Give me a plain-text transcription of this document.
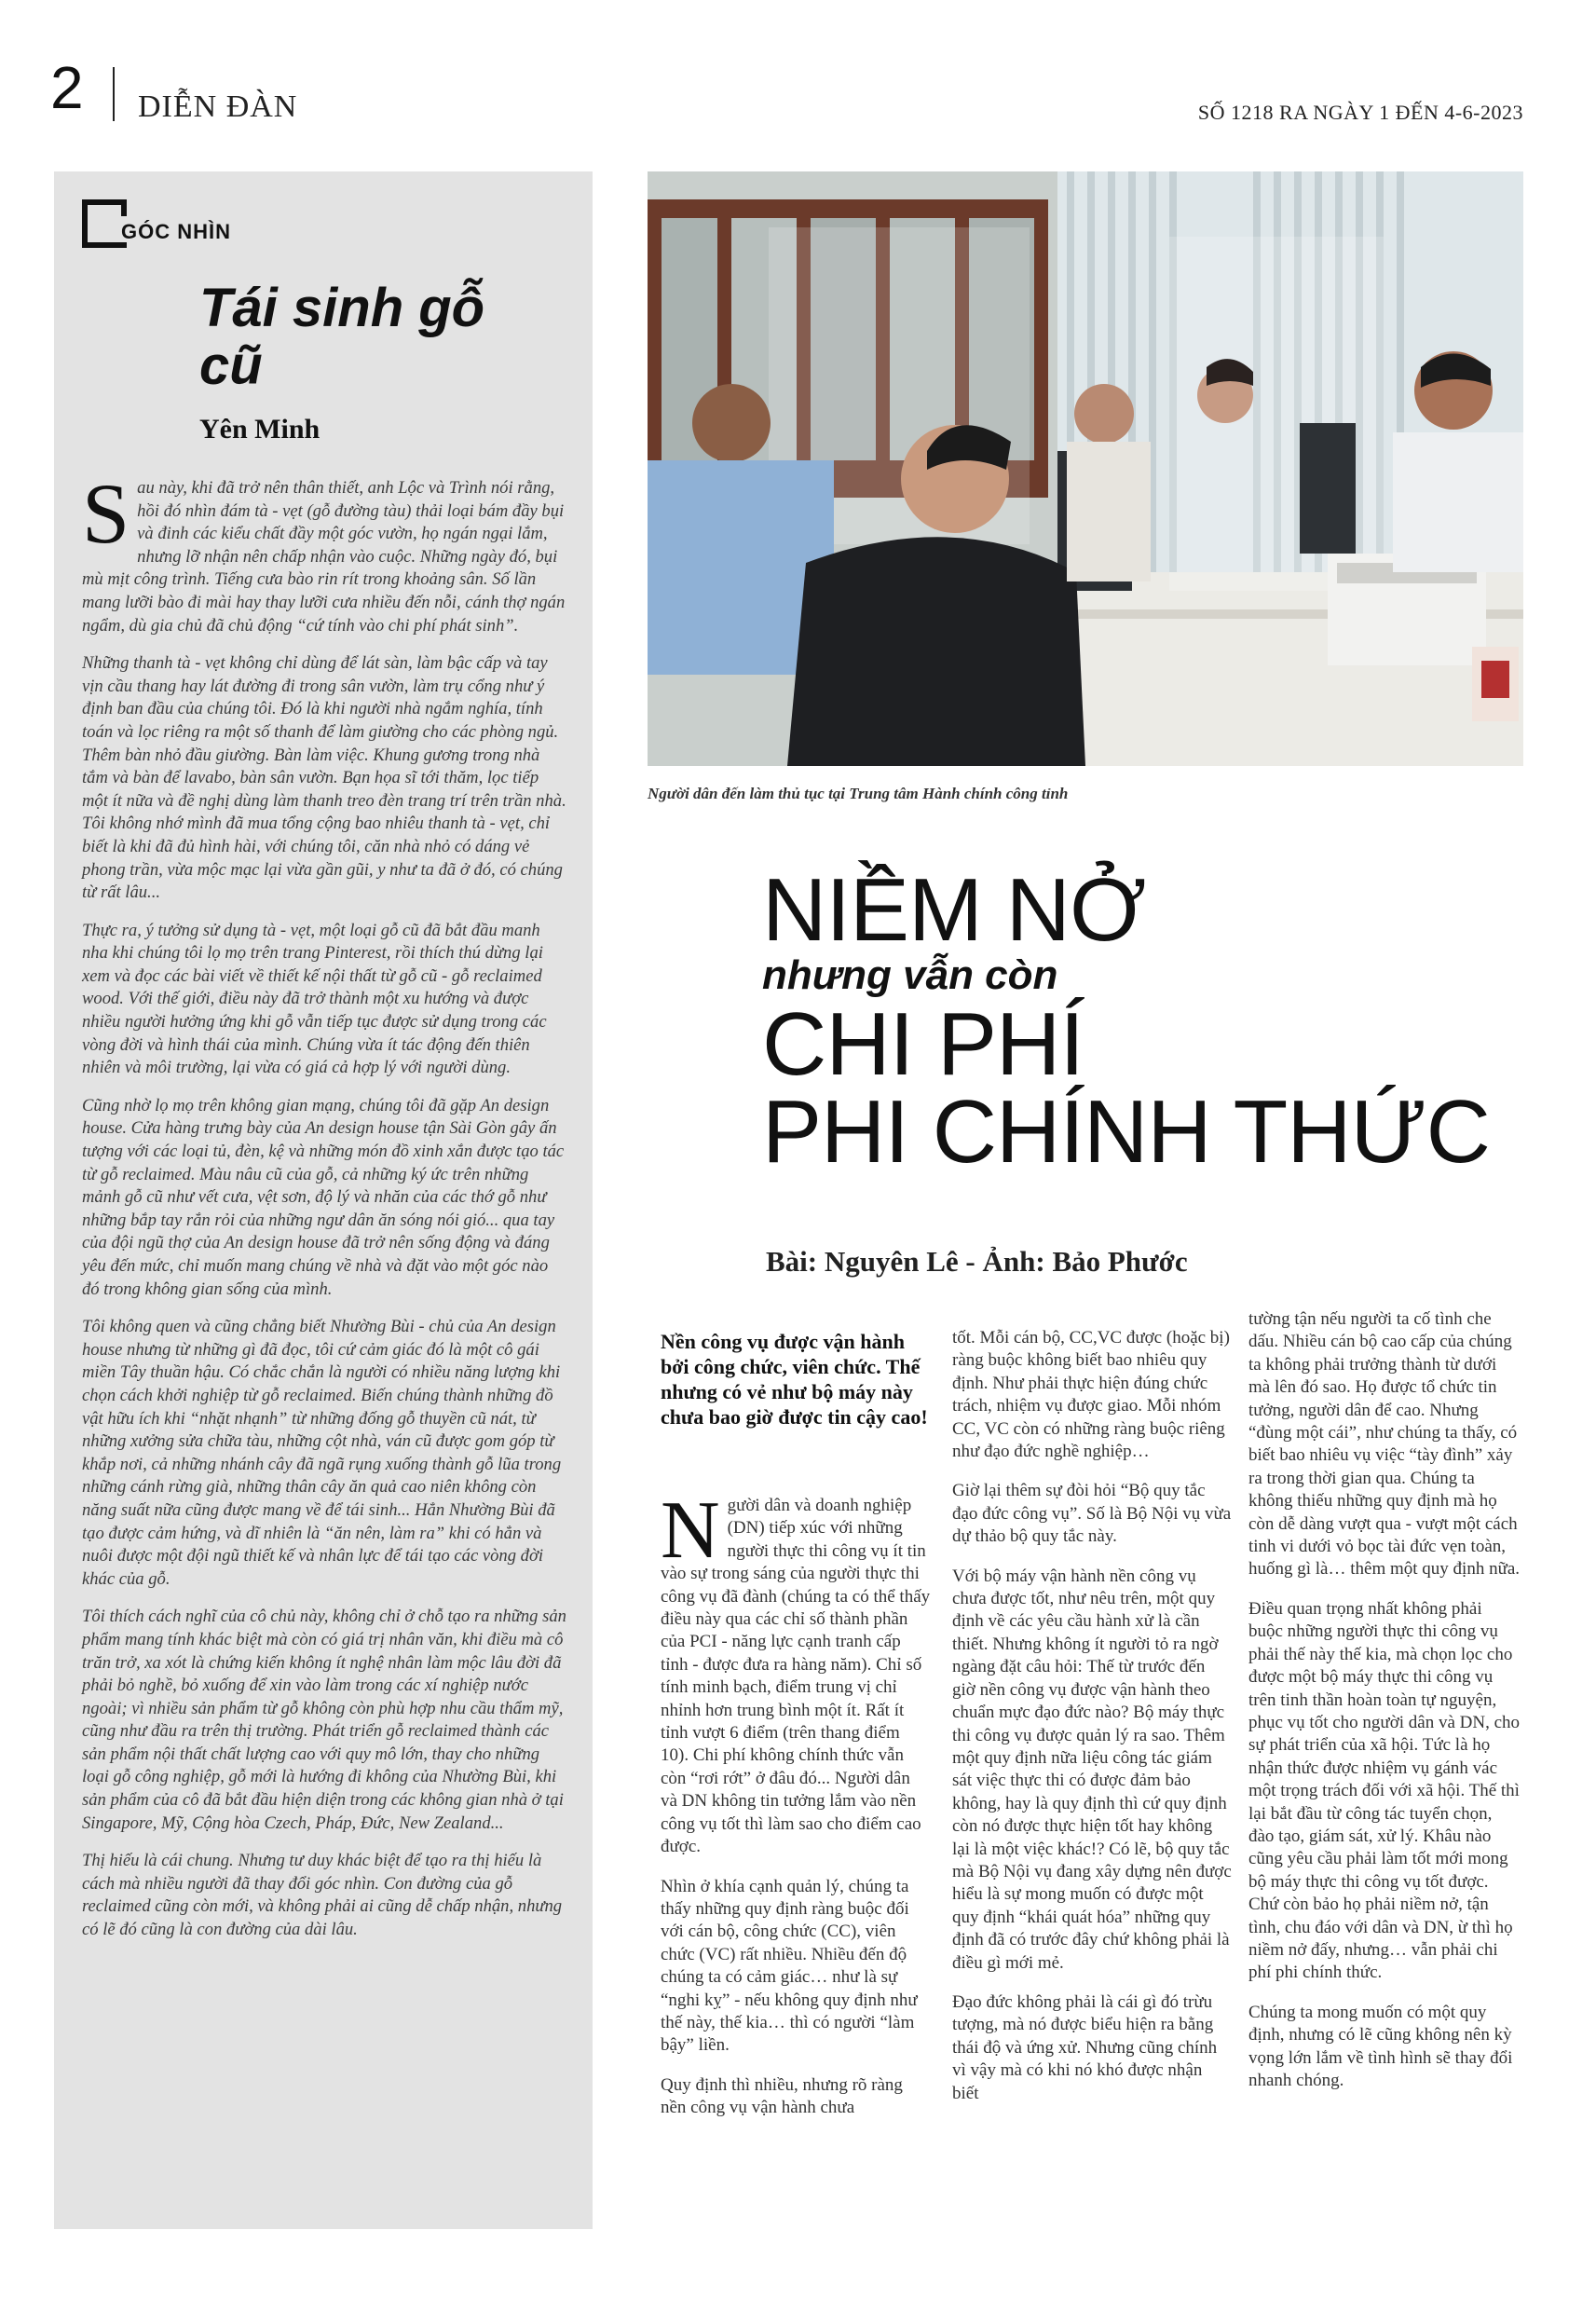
2 DIỄN ĐÀN	SỐ 1218 RA NGÀY 1 ĐẾN 4-6-2023
GÓC NHÌN
Tái sinh gỗ cũ
Yên Minh

Sau này, khi đã trở nên thân thiết, anh Lộc và Trình nói rằng, hồi đó nhìn đám tà - vẹt (gỗ đường tàu) thải loại bám đầy bụi và đinh các kiểu chất đầy một góc vườn, họ ngán ngại lắm, nhưng lỡ nhận nên chấp nhận vào cuộc. Những ngày đó, bụi mù mịt công trình. Tiếng cưa bào rin rít trong khoảng sân. Số lần mang lưỡi bào đi mài hay thay lưỡi cưa nhiều đến nỗi, cánh thợ ngán ngẩm, dù gia chủ đã chủ động “cứ tính vào chi phí phát sinh”.

Những thanh tà - vẹt không chỉ dùng để lát sàn, làm bậc cấp và tay vịn cầu thang hay lát đường đi trong sân vườn, làm trụ cổng như ý định ban đầu của chúng tôi. Đó là khi người nhà ngắm nghía, tính toán và lọc riêng ra một số thanh để làm giường cho các phòng ngủ. Thêm bàn nhỏ đầu giường. Bàn làm việc. Khung gương trong nhà tắm và bàn để lavabo, bàn sân vườn. Bạn họa sĩ tới thăm, lọc tiếp một ít nữa và đề nghị dùng làm thanh treo đèn trang trí trên trần nhà. Tôi không nhớ mình đã mua tổng cộng bao nhiêu thanh tà - vẹt, chỉ biết là khi đã đủ hình hài, với chúng tôi, căn nhà nhỏ có dáng vẻ phong trần, vừa mộc mạc lại vừa gần gũi, y như ta đã ở đó, có chúng từ rất lâu...

Thực ra, ý tưởng sử dụng tà - vẹt, một loại gỗ cũ đã bắt đầu manh nha khi chúng tôi lọ mọ trên trang Pinterest, rồi thích thú dừng lại xem và đọc các bài viết về thiết kế nội thất từ gỗ cũ - gỗ reclaimed wood. Với thế giới, điều này đã trở thành một xu hướng và được nhiều người hưởng ứng khi gỗ vẫn tiếp tục được sử dụng trong các vòng đời và hình thái của mình. Chúng vừa ít tác động đến thiên nhiên và môi trường, lại vừa có giá cả hợp lý với người dùng.

Cũng nhờ lọ mọ trên không gian mạng, chúng tôi đã gặp An design house. Cửa hàng trưng bày của An design house tận Sài Gòn gây ấn tượng với các loại tủ, đèn, kệ và những món đồ xinh xắn được tạo tác từ gỗ reclaimed. Màu nâu cũ của gỗ, cả những ký ức trên những mảnh gỗ cũ như vết cưa, vệt sơn, độ lý và nhăn của các thớ gỗ như những bắp tay rắn rỏi của những ngư dân ăn sóng nói gió... qua tay của đội ngũ thợ của An design house đã trở nên sống động và đáng yêu đến mức, chỉ muốn mang chúng về nhà và đặt vào một góc nào đó trong không gian sống của mình.

Tôi không quen và cũng chẳng biết Nhường Bùi - chủ của An design house nhưng từ những gì đã đọc, tôi cứ cảm giác đó là một cô gái miền Tây thuần hậu. Có chắc chắn là người có nhiều năng lượng khi chọn cách khởi nghiệp từ gỗ reclaimed. Biến chúng thành những đồ vật hữu ích khi “nhặt nhạnh” từ những đống gỗ thuyền cũ nát, từ những xưởng sửa chữa tàu, những cột nhà, ván cũ được gom góp từ khắp nơi, cả những nhánh cây đã ngã rụng xuống thành gỗ lũa trong những cánh rừng già, những thân cây ăn quả cao niên không còn năng suất nữa cũng được mang về để tái sinh... Hẳn Nhường Bùi đã tạo được cảm hứng, và dĩ nhiên là “ăn nên, làm ra” khi có hẳn và nuôi được một đội ngũ thiết kế và nhân lực để tái tạo các vòng đời khác của gỗ.

Tôi thích cách nghĩ của cô chủ này, không chỉ ở chỗ tạo ra những sản phẩm mang tính khác biệt mà còn có giá trị nhân văn, khi điều mà cô trăn trở, xa xót là chứng kiến không ít nghệ nhân làm mộc lâu đời đã phải bỏ nghề, bỏ xuống để xin vào làm trong các xí nghiệp nước ngoài; vì nhiều sản phẩm từ gỗ không còn phù hợp nhu cầu thẩm mỹ, cũng như đầu ra trên thị trường. Phát triển gỗ reclaimed thành các sản phẩm nội thất chất lượng cao với quy mô lớn, thay cho những loại gỗ công nghiệp, gỗ mới là hướng đi không của Nhường Bùi, khi sản phẩm của cô đã bắt đầu hiện diện trong các không gian nhà ở tại Singapore, Mỹ, Cộng hòa Czech, Pháp, Đức, New Zealand...

Thị hiếu là cái chung. Nhưng tư duy khác biệt để tạo ra thị hiếu là cách mà nhiều người đã thay đổi góc nhìn. Con đường của gỗ reclaimed cũng còn mới, và không phải ai cũng dễ chấp nhận, nhưng có lẽ đó cũng là con đường của dài lâu.

Người dân đến làm thủ tục tại Trung tâm Hành chính công tỉnh
NIỀM NỞ
nhưng vẫn còn
CHI PHÍ
PHI CHÍNH THỨC
Bài: Nguyên Lê - Ảnh: Bảo Phước

Nền công vụ được vận hành bởi công chức, viên chức. Thế nhưng có vẻ như bộ máy này chưa bao giờ được tin cậy cao!

Người dân và doanh nghiệp (DN) tiếp xúc với những người thực thi công vụ ít tin vào sự trong sáng của người thực thi công vụ đã đành (chúng ta có thể thấy điều này qua các chỉ số thành phần của PCI - năng lực cạnh tranh cấp tỉnh - được đưa ra hàng năm). Chỉ số tính minh bạch, điểm trung vị chỉ nhỉnh hơn trung bình một ít. Rất ít tỉnh vượt 6 điểm (trên thang điểm 10). Chi phí không chính thức vẫn còn “rơi rớt” ở đâu đó... Người dân và DN không tin tưởng lắm vào nền công vụ tốt thì làm sao cho điểm cao được.

Nhìn ở khía cạnh quản lý, chúng ta thấy những quy định ràng buộc đối với cán bộ, công chức (CC), viên chức (VC) rất nhiều. Nhiều đến độ chúng ta có cảm giác… như là sự “nghi kỵ” - nếu không quy định như thế này, thế kia… thì có người “làm bậy” liền.

Quy định thì nhiều, nhưng rõ ràng nền công vụ vận hành chưa

tốt. Mỗi cán bộ, CC,VC được (hoặc bị) ràng buộc không biết bao nhiêu quy định. Như phải thực hiện đúng chức trách, nhiệm vụ được giao. Mỗi nhóm CC, VC còn có những ràng buộc riêng như đạo đức nghề nghiệp…

Giờ lại thêm sự đòi hỏi “Bộ quy tắc đạo đức công vụ”. Số là Bộ Nội vụ vừa dự thảo bộ quy tắc này.

Với bộ máy vận hành nền công vụ chưa được tốt, như nêu trên, một quy định về các yêu cầu hành xử là cần thiết. Nhưng không ít người tỏ ra ngờ ngàng đặt câu hỏi: Thế từ trước đến giờ nền công vụ được vận hành theo chuẩn mực đạo đức nào? Bộ máy thực thi công vụ được quản lý ra sao. Thêm một quy định nữa liệu công tác giám sát việc thực thi có được đảm bảo không, hay là quy định thì cứ quy định còn nó được thực hiện tốt hay không lại là một việc khác!? Có lẽ, bộ quy tắc mà Bộ Nội vụ đang xây dựng nên được hiểu là sự mong muốn có được một quy định “khái quát hóa” những quy định đã có trước đây chứ không phải là điều gì mới mẻ.

Đạo đức không phải là cái gì đó trừu tượng, mà nó được biểu hiện ra bằng thái độ và ứng xử. Nhưng cũng chính vì vậy mà có khi nó khó được nhận biết

tường tận nếu người ta cố tình che dấu. Nhiều cán bộ cao cấp của chúng ta không phải trưởng thành từ dưới mà lên đó sao. Họ được tổ chức tin tưởng, người dân để cao. Nhưng “đùng một cái”, như chúng ta thấy, có biết bao nhiêu vụ việc “tày đình” xảy ra trong thời gian qua. Chúng ta không thiếu những quy định mà họ còn dễ dàng vượt qua - vượt một cách tinh vi dưới vỏ bọc tài đức vẹn toàn, huống gì là… thêm một quy định nữa.

Điều quan trọng nhất không phải buộc những người thực thi công vụ phải thế này thế kia, mà chọn lọc cho được một bộ máy thực thi công vụ trên tinh thần hoàn toàn tự nguyện, phục vụ tốt cho người dân và DN, cho sự phát triển của xã hội. Tức là họ nhận thức được nhiệm vụ gánh vác một trọng trách đối với xã hội. Thế thì lại bắt đầu từ công tác tuyển chọn, đào tạo, giám sát, xử lý. Khâu nào cũng yêu cầu phải làm tốt mới mong bộ máy thực thi công vụ tốt được. Chứ còn bảo họ phải niềm nở, tận tình, chu đáo với dân và DN, ừ thì họ niềm nở đấy, nhưng… vẫn phải chi phí phi chính thức.

Chúng ta mong muốn có một quy định, nhưng có lẽ cũng không nên kỳ vọng lớn lắm về tình hình sẽ thay đổi nhanh chóng.
